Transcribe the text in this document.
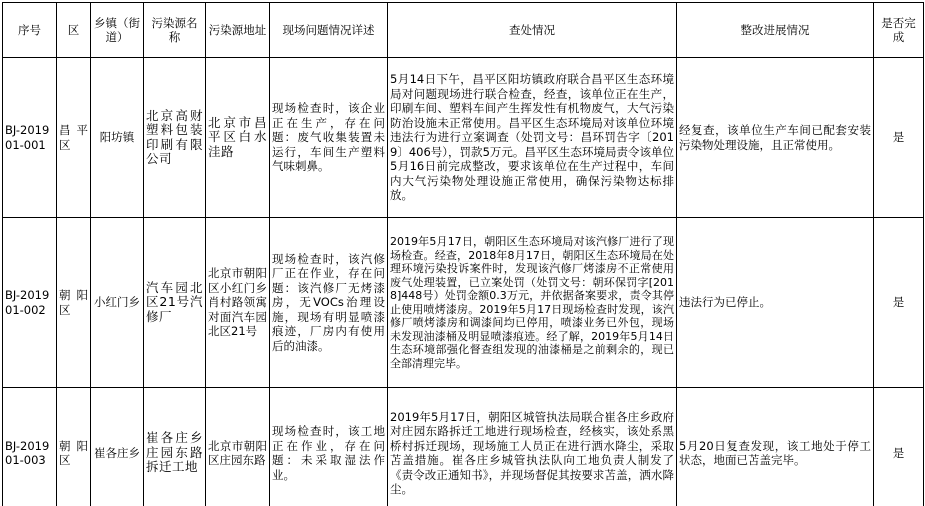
序号	区	乡镇（街道）	污染源名称	污染源地址	现场问题情况详述	查处情况	整改进展情况	是否完成
BJ-201901-001	昌平区	阳坊镇	北京高财塑料包装印刷有限公司	北京市昌平区白水洼路	现场检查时，该企业正在生产，存在问题：废气收集装置未运行，车间生产塑料气味刺鼻。	5月14日下午，昌平区阳坊镇政府联合昌平区生态环境局对问题现场进行联合检查，经查，该单位正在生产，印刷车间、塑料车间产生挥发性有机物废气，大气污染防治设施未正常使用。昌平区生态环境局对该单位环境违法行为进行立案调查（处罚文号：昌环罚告字〔2019〕406号），罚款5万元。昌平区生态环境局责令该单位5月16日前完成整改，要求该单位在生产过程中，车间内大气污染物处理设施正常使用，确保污染物达标排放。	经复查，该单位生产车间已配套安装污染物处理设施，且正常使用。	是
BJ-201901-002	朝阳区	小红门乡	汽车园北区21号汽修厂	北京市朝阳区小红门乡肖村路领寓对面汽车园北区21号	现场检查时，该汽修厂正在作业，存在问题：该汽修厂无烤漆房，无VOCs治理设施，现场有明显喷漆痕迹，厂房内有使用后的油漆。	2019年5月17日，朝阳区生态环境局对该汽修厂进行了现场检查。经查，2018年8月17日，朝阳区生态环境局在处理环境污染投诉案件时，发现该汽修厂烤漆房不正常使用废气处理装置，已立案处罚（处罚文号：朝环保罚字[2018]448号）处罚金额0.3万元，并依据备案要求，责令其停止使用喷烤漆房。2019年5月17日现场检查时发现，该汽修厂喷烤漆房和调漆间均已停用，喷漆业务已外包，现场未发现油漆桶及明显喷漆痕迹。经了解，2019年5月14日生态环境部强化督查组发现的油漆桶是之前剩余的，现已全部清理完毕。	违法行为已停止。	是
BJ-201901-003	朝阳区	崔各庄乡	崔各庄乡庄园东路拆迁工地	北京市朝阳区庄园东路	现场检查时，该工地正在作业，存在问题：未采取湿法作业。	2019年5月17日，朝阳区城管执法局联合崔各庄乡政府对庄园东路拆迁工地进行现场检查，经核实，该处系黑桥村拆迁现场，现场施工人员正在进行洒水降尘，采取苫盖措施。崔各庄乡城管执法队向工地负责人制发了《责令改正通知书》，并现场督促其按要求苫盖，洒水降尘。	5月20日复查发现，该工地处于停工状态，地面已苫盖完毕。	是
